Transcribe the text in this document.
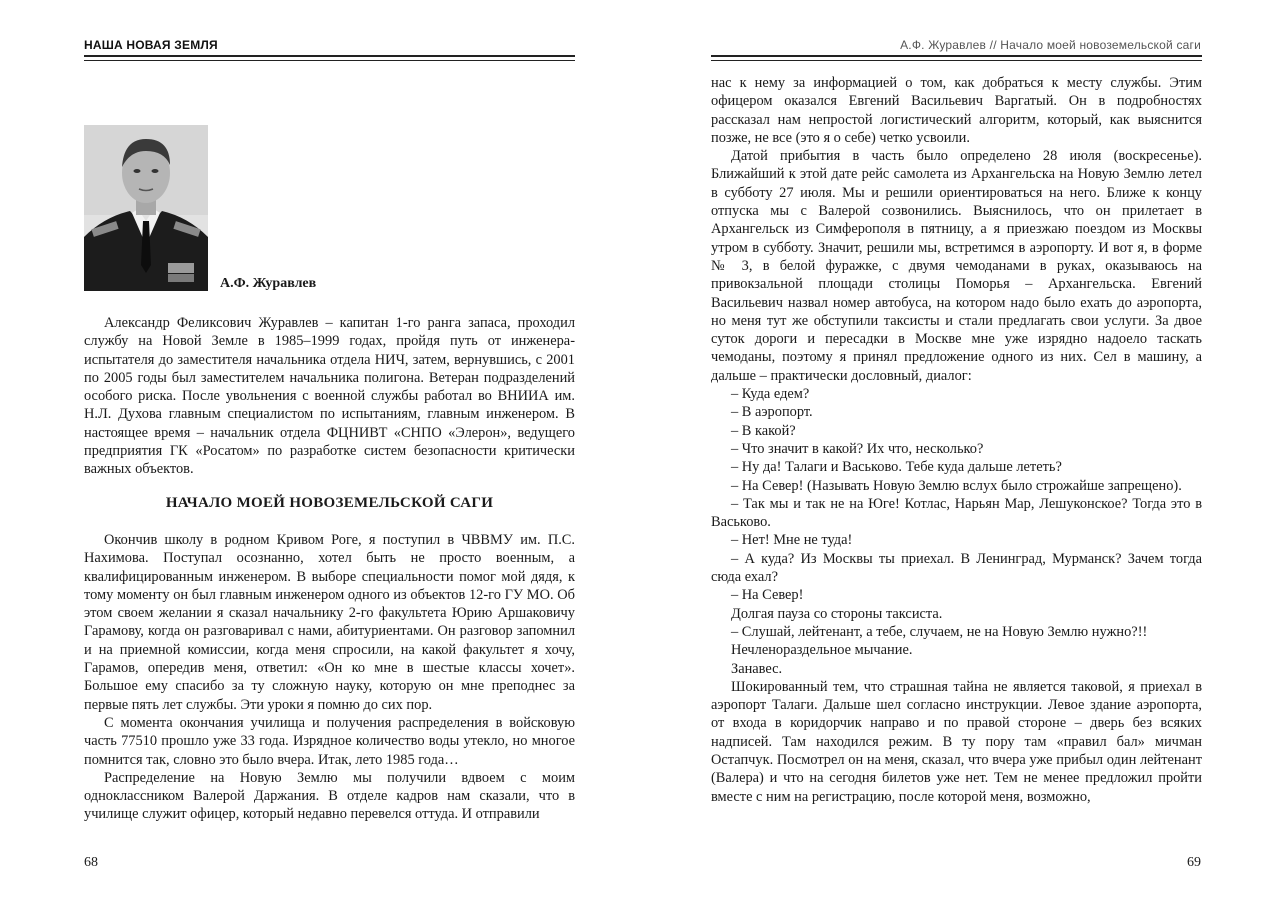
НАША НОВАЯ ЗЕМЛЯ
А.Ф. Журавлев

Александр Феликсович Журавлев – капитан 1-го ранга запаса, проходил службу на Новой Земле в 1985–1999 годах, пройдя путь от инженера-испытателя до заместителя начальника отдела НИЧ, затем, вернувшись, с 2001 по 2005 годы был заместителем начальника полигона. Ветеран подразделений особого риска. После увольнения с военной службы работал во ВНИИА им. Н.Л. Духова главным специалистом по испытаниям, главным инженером. В настоящее время – начальник отдела ФЦНИВТ «СНПО «Элерон», ведущего предприятия ГК «Росатом» по разработке систем безопасности критически важных объектов.

НАЧАЛО МОЕЙ НОВОЗЕМЕЛЬСКОЙ САГИ

Окончив школу в родном Кривом Роге, я поступил в ЧВВМУ им. П.С. Нахимова. Поступал осознанно, хотел быть не просто военным, а квалифицированным инженером. В выборе специальности помог мой дядя, к тому моменту он был главным инженером одного из объектов 12-го ГУ МО. Об этом своем желании я сказал начальнику 2-го факультета Юрию Аршаковичу Гарамову, когда он разговаривал с нами, абитуриентами. Он разговор запомнил и на приемной комиссии, когда меня спросили, на какой факультет я хочу, Гарамов, опередив меня, ответил: «Он ко мне в шестые классы хочет». Большое ему спасибо за ту сложную науку, которую он мне преподнес за первые пять лет службы. Эти уроки я помню до сих пор.

С момента окончания училища и получения распределения в войсковую часть 77510 прошло уже 33 года. Изрядное количество воды утекло, но многое помнится так, словно это было вчера. Итак, лето 1985 года…

Распределение на Новую Землю мы получили вдвоем с моим одноклассником Валерой Даржания. В отделе кадров нам сказали, что в училище служит офицер, который недавно перевелся оттуда. И отправили

68
А.Ф. Журавлев // Начало моей новоземельской саги

нас к нему за информацией о том, как добраться к месту службы. Этим офицером оказался Евгений Васильевич Варгатый. Он в подробностях рассказал нам непростой логистический алгоритм, который, как выяснится позже, не все (это я о себе) четко усвоили.

Датой прибытия в часть было определено 28 июля (воскресенье). Ближайший к этой дате рейс самолета из Архангельска на Новую Землю летел в субботу 27 июля. Мы и решили ориентироваться на него. Ближе к концу отпуска мы с Валерой созвонились. Выяснилось, что он прилетает в Архангельск из Симферополя в пятницу, а я приезжаю поездом из Москвы утром в субботу. Значит, решили мы, встретимся в аэропорту. И вот я, в форме № 3, в белой фуражке, с двумя чемоданами в руках, оказываюсь на привокзальной площади столицы Поморья – Архангельска. Евгений Васильевич назвал номер автобуса, на котором надо было ехать до аэропорта, но меня тут же обступили таксисты и стали предлагать свои услуги. За двое суток дороги и пересадки в Москве мне уже изрядно надоело таскать чемоданы, поэтому я принял предложение одного из них. Сел в машину, а дальше – практически дословный, диалог:

– Куда едем?

– В аэропорт.

– В какой?

– Что значит в какой? Их что, несколько?

– Ну да! Талаги и Васьково. Тебе куда дальше лететь?

– На Север! (Называть Новую Землю вслух было строжайше запрещено).

– Так мы и так не на Юге! Котлас, Нарьян Мар, Лешуконское? Тогда это в Васьково.

– Нет! Мне не туда!

– А куда? Из Москвы ты приехал. В Ленинград, Мурманск? Зачем тогда сюда ехал?

– На Север!

Долгая пауза со стороны таксиста.

– Слушай, лейтенант, а тебе, случаем, не на Новую Землю нужно?!!

Нечленораздельное мычание.

Занавес.

Шокированный тем, что страшная тайна не является таковой, я приехал в аэропорт Талаги. Дальше шел согласно инструкции. Левое здание аэропорта, от входа в коридорчик направо и по правой стороне – дверь без всяких надписей. Там находился режим. В ту пору там «правил бал» мичман Остапчук. Посмотрел он на меня, сказал, что вчера уже прибыл один лейтенант (Валера) и что на сегодня билетов уже нет. Тем не менее предложил пройти вместе с ним на регистрацию, после которой меня, возможно,

69
